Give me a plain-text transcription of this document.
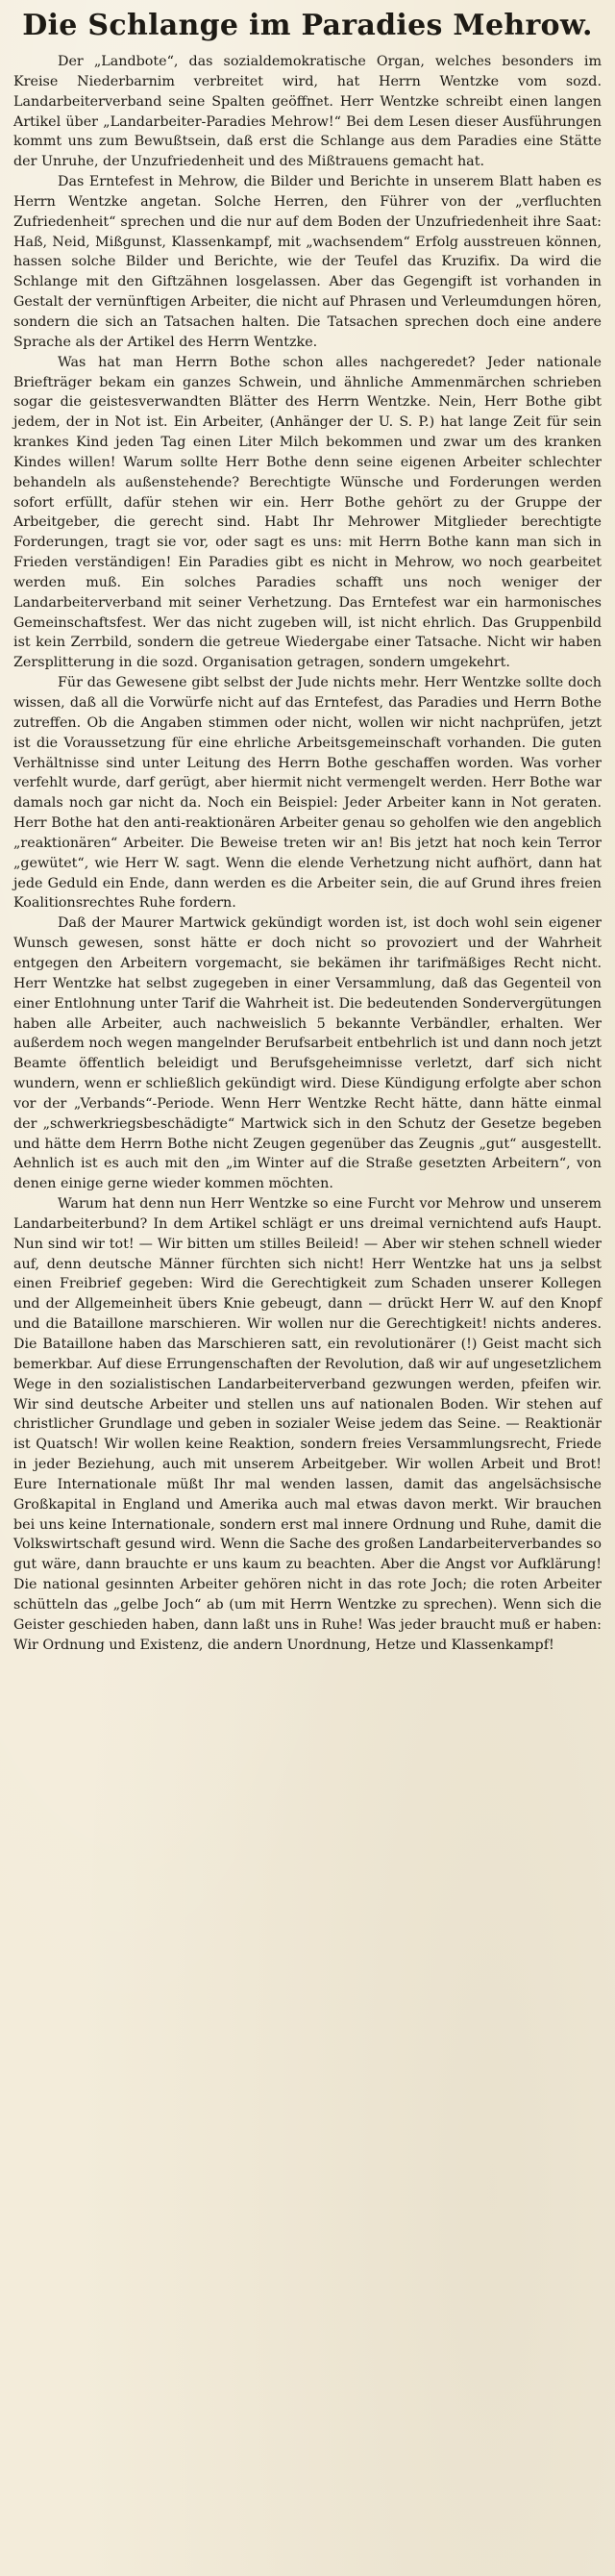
Die Schlange im Paradies Mehrow.

Der „Landbote“, das sozialdemokratische Organ, welches besonders im Kreise Niederbarnim verbreitet wird, hat Herrn Wentzke vom sozd. Landarbeiterverband seine Spalten geöffnet. Herr Wentzke schreibt einen langen Artikel über „Landarbeiter-Paradies Mehrow!“ Bei dem Lesen dieser Ausführungen kommt uns zum Bewußtsein, daß erst die Schlange aus dem Paradies eine Stätte der Unruhe, der Unzufriedenheit und des Mißtrauens gemacht hat.

Das Erntefest in Mehrow, die Bilder und Berichte in unserem Blatt haben es Herrn Wentzke angetan. Solche Herren, den Führer von der „verfluchten Zufriedenheit“ sprechen und die nur auf dem Boden der Unzufriedenheit ihre Saat: Haß, Neid, Mißgunst, Klassenkampf, mit „wachsendem“ Erfolg ausstreuen können, hassen solche Bilder und Berichte, wie der Teufel das Kruzifix. Da wird die Schlange mit den Giftzähnen losgelassen. Aber das Gegengift ist vorhanden in Gestalt der vernünftigen Arbeiter, die nicht auf Phrasen und Verleumdungen hören, sondern die sich an Tatsachen halten. Die Tatsachen sprechen doch eine andere Sprache als der Artikel des Herrn Wentzke.

Was hat man Herrn Bothe schon alles nachgeredet? Jeder nationale Briefträger bekam ein ganzes Schwein, und ähnliche Ammenmärchen schrieben sogar die geistesverwandten Blätter des Herrn Wentzke. Nein, Herr Bothe gibt jedem, der in Not ist. Ein Arbeiter, (Anhänger der U. S. P.) hat lange Zeit für sein krankes Kind jeden Tag einen Liter Milch bekommen und zwar um des kranken Kindes willen! Warum sollte Herr Bothe denn seine eigenen Arbeiter schlechter behandeln als außenstehende? Berechtigte Wünsche und Forderungen werden sofort erfüllt, dafür stehen wir ein. Herr Bothe gehört zu der Gruppe der Arbeitgeber, die gerecht sind. Habt Ihr Mehrower Mitglieder berechtigte Forderungen, tragt sie vor, oder sagt es uns: mit Herrn Bothe kann man sich in Frieden verständigen! Ein Paradies gibt es nicht in Mehrow, wo noch gearbeitet werden muß. Ein solches Paradies schafft uns noch weniger der Landarbeiterverband mit seiner Verhetzung. Das Erntefest war ein harmonisches Gemeinschaftsfest. Wer das nicht zugeben will, ist nicht ehrlich. Das Gruppenbild ist kein Zerrbild, sondern die getreue Wiedergabe einer Tatsache. Nicht wir haben Zersplitterung in die sozd. Organisation getragen, sondern umgekehrt.

Für das Gewesene gibt selbst der Jude nichts mehr. Herr Wentzke sollte doch wissen, daß all die Vorwürfe nicht auf das Erntefest, das Paradies und Herrn Bothe zutreffen. Ob die Angaben stimmen oder nicht, wollen wir nicht nachprüfen, jetzt ist die Voraussetzung für eine ehrliche Arbeitsgemeinschaft vorhanden. Die guten Verhältnisse sind unter Leitung des Herrn Bothe geschaffen worden. Was vorher verfehlt wurde, darf gerügt, aber hiermit nicht vermengelt werden. Herr Bothe war damals noch gar nicht da. Noch ein Beispiel: Jeder Arbeiter kann in Not geraten. Herr Bothe hat den anti-reaktionären Arbeiter genau so geholfen wie den angeblich „reaktionären“ Arbeiter. Die Beweise treten wir an! Bis jetzt hat noch kein Terror „gewütet“, wie Herr W. sagt. Wenn die elende Verhetzung nicht aufhört, dann hat jede Geduld ein Ende, dann werden es die Arbeiter sein, die auf Grund ihres freien Koalitionsrechtes Ruhe fordern.

Daß der Maurer Martwick gekündigt worden ist, ist doch wohl sein eigener Wunsch gewesen, sonst hätte er doch nicht so provoziert und der Wahrheit entgegen den Arbeitern vorgemacht, sie bekämen ihr tarifmäßiges Recht nicht. Herr Wentzke hat selbst zugegeben in einer Versammlung, daß das Gegenteil von einer Entlohnung unter Tarif die Wahrheit ist. Die bedeutenden Sondervergütungen haben alle Arbeiter, auch nachweislich 5 bekannte Verbändler, erhalten. Wer außerdem noch wegen mangelnder Berufsarbeit entbehrlich ist und dann noch jetzt Beamte öffentlich beleidigt und Berufsgeheimnisse verletzt, darf sich nicht wundern, wenn er schließlich gekündigt wird. Diese Kündigung erfolgte aber schon vor der „Verbands“-Periode. Wenn Herr Wentzke Recht hätte, dann hätte einmal der „schwerkriegsbeschädigte“ Martwick sich in den Schutz der Gesetze begeben und hätte dem Herrn Bothe nicht Zeugen gegenüber das Zeugnis „gut“ ausgestellt. Aehnlich ist es auch mit den „im Winter auf die Straße gesetzten Arbeitern“, von denen einige gerne wieder kommen möchten.

Warum hat denn nun Herr Wentzke so eine Furcht vor Mehrow und unserem Landarbeiterbund? In dem Artikel schlägt er uns dreimal vernichtend aufs Haupt. Nun sind wir tot! — Wir bitten um stilles Beileid! — Aber wir stehen schnell wieder auf, denn deutsche Männer fürchten sich nicht! Herr Wentzke hat uns ja selbst einen Freibrief gegeben: Wird die Gerechtigkeit zum Schaden unserer Kollegen und der Allgemeinheit übers Knie gebeugt, dann — drückt Herr W. auf den Knopf und die Bataillone marschieren. Wir wollen nur die Gerechtigkeit! nichts anderes. Die Bataillone haben das Marschieren satt, ein revolutionärer (!) Geist macht sich bemerkbar. Auf diese Errungenschaften der Revolution, daß wir auf ungesetzlichem Wege in den sozialistischen Landarbeiterverband gezwungen werden, pfeifen wir. Wir sind deutsche Arbeiter und stellen uns auf nationalen Boden. Wir stehen auf christlicher Grundlage und geben in sozialer Weise jedem das Seine. — Reaktionär ist Quatsch! Wir wollen keine Reaktion, sondern freies Versammlungsrecht, Friede in jeder Beziehung, auch mit unserem Arbeitgeber. Wir wollen Arbeit und Brot! Eure Internationale müßt Ihr mal wenden lassen, damit das angelsächsische Großkapital in England und Amerika auch mal etwas davon merkt. Wir brauchen bei uns keine Internationale, sondern erst mal innere Ordnung und Ruhe, damit die Volkswirtschaft gesund wird. Wenn die Sache des großen Landarbeiterverbandes so gut wäre, dann brauchte er uns kaum zu beachten. Aber die Angst vor Aufklärung! Die national gesinnten Arbeiter gehören nicht in das rote Joch; die roten Arbeiter schütteln das „gelbe Joch“ ab (um mit Herrn Wentzke zu sprechen). Wenn sich die Geister geschieden haben, dann laßt uns in Ruhe! Was jeder braucht muß er haben: Wir Ordnung und Existenz, die andern Unordnung, Hetze und Klassenkampf!
